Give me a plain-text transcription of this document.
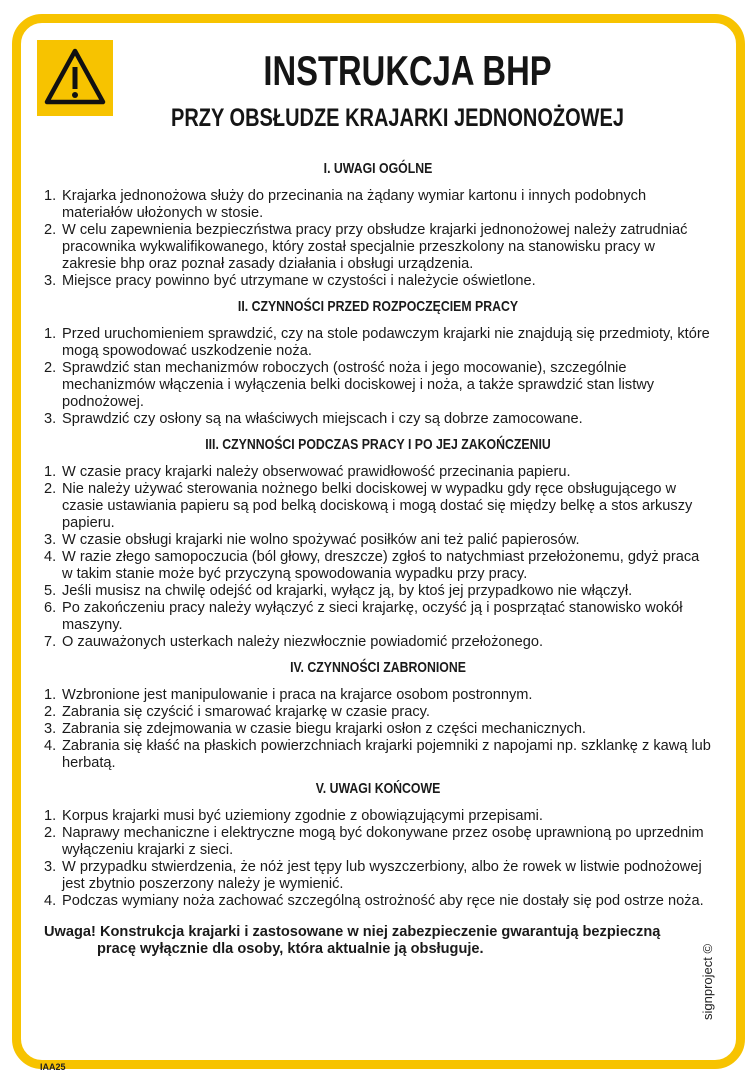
INSTRUKCJA BHP
PRZY OBSŁUDZE KRAJARKI JEDNONOŻOWEJ
I. UWAGI OGÓLNE
1. Krajarka jednonożowa służy do przecinania na żądany wymiar kartonu i innych podobnych materiałów ułożonych w stosie.
2. W celu zapewnienia bezpieczństwa pracy przy obsłudze krajarki jednonożowej należy zatrudniać pracownika wykwalifikowanego, który został specjalnie przeszkolony na stanowisku pracy w zakresie bhp oraz poznał zasady działania i obsługi urządzenia.
3. Miejsce pracy powinno być utrzymane w czystości i należycie oświetlone.
II. CZYNNOŚCI PRZED ROZPOCZĘCIEM PRACY
1. Przed uruchomieniem sprawdzić, czy na stole podawczym krajarki nie znajdują się przedmioty, które mogą spowodować uszkodzenie noża.
2. Sprawdzić stan mechanizmów roboczych (ostrość noża i jego mocowanie), szczególnie mechanizmów włączenia i wyłączenia belki dociskowej i noża, a także sprawdzić stan listwy podnożowej.
3. Sprawdzić czy osłony są na właściwych miejscach i czy są dobrze zamocowane.
III. CZYNNOŚCI PODCZAS PRACY I PO JEJ ZAKOŃCZENIU
1. W czasie pracy krajarki należy obserwować prawidłowość przecinania papieru.
2. Nie należy używać sterowania nożnego belki dociskowej w wypadku gdy ręce obsługującego w czasie ustawiania papieru są pod belką dociskową i mogą dostać się między belkę a stos arkuszy papieru.
3. W czasie obsługi krajarki nie wolno spożywać posiłków ani też palić papierosów.
4. W razie złego samopoczucia (ból głowy, dreszcze) zgłoś to natychmiast przełożonemu, gdyż praca w takim stanie może być przyczyną spowodowania wypadku przy pracy.
5. Jeśli musisz na chwilę odejść od krajarki, wyłącz ją, by ktoś jej przypadkowo nie włączył.
6. Po zakończeniu pracy należy wyłączyć z sieci krajarkę, oczyść ją i posprzątać stanowisko wokół maszyny.
7. O zauważonych usterkach należy niezwłocznie powiadomić przełożonego.
IV. CZYNNOŚCI ZABRONIONE
1. Wzbronione jest manipulowanie i praca na krajarce osobom postronnym.
2. Zabrania się czyścić i smarować krajarkę w czasie pracy.
3. Zabrania się zdejmowania w czasie biegu krajarki osłon z części mechanicznych.
4. Zabrania się kłaść na płaskich powierzchniach krajarki pojemniki z napojami np. szklankę z kawą lub herbatą.
V. UWAGI KOŃCOWE
1. Korpus krajarki musi być uziemiony zgodnie z obowiązującymi przepisami.
2. Naprawy mechaniczne i elektryczne mogą być dokonywane przez osobę uprawnioną po uprzednim wyłączeniu krajarki z sieci.
3. W przypadku stwierdzenia, że nóż jest tępy lub wyszczerbiony, albo że rowek w listwie podnożowej jest zbytnio poszerzony należy je wymienić.
4. Podczas wymiany noża zachować szczególną ostrożność aby ręce nie dostały się pod ostrze noża.
Uwaga! Konstrukcja krajarki i zastosowane w niej zabezpieczenie gwarantują bezpieczną
pracę wyłącznie dla osoby, która aktualnie ją obsługuje.	signproject ©
IAA25
